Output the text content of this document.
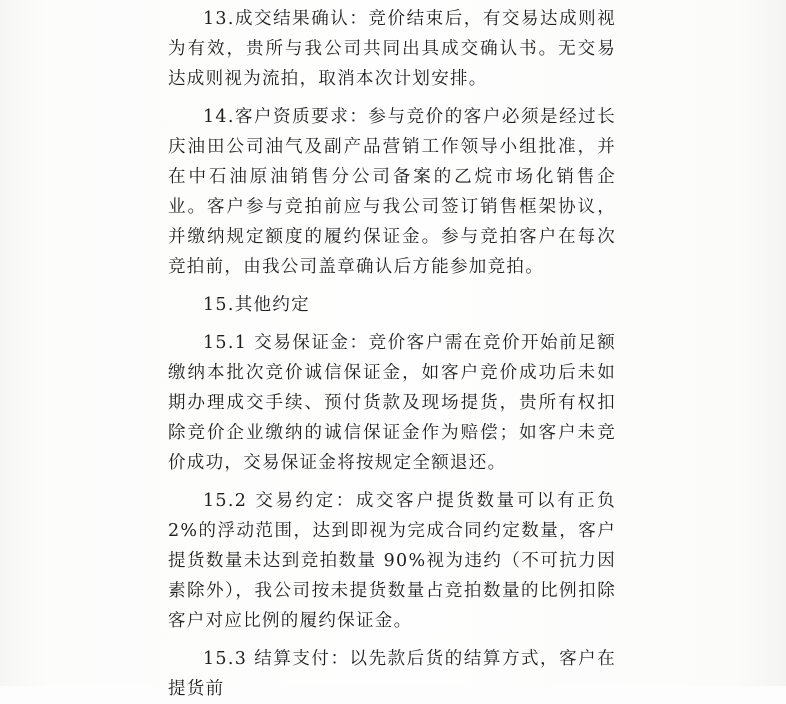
13.成交结果确认：竞价结束后，有交易达成则视为有效，贵所与我公司共同出具成交确认书。无交易达成则视为流拍，取消本次计划安排。

14.客户资质要求：参与竞价的客户必须是经过长庆油田公司油气及副产品营销工作领导小组批准，并在中石油原油销售分公司备案的乙烷市场化销售企业。客户参与竞拍前应与我公司签订销售框架协议，并缴纳规定额度的履约保证金。参与竞拍客户在每次竞拍前，由我公司盖章确认后方能参加竞拍。

15.其他约定

15.1 交易保证金：竞价客户需在竞价开始前足额缴纳本批次竞价诚信保证金，如客户竞价成功后未如期办理成交手续、预付货款及现场提货，贵所有权扣除竞价企业缴纳的诚信保证金作为赔偿；如客户未竞价成功，交易保证金将按规定全额退还。

15.2 交易约定：成交客户提货数量可以有正负 2%的浮动范围，达到即视为完成合同约定数量，客户提货数量未达到竞拍数量 90%视为违约（不可抗力因素除外），我公司按未提货数量占竞拍数量的比例扣除客户对应比例的履约保证金。

15.3 结算支付：以先款后货的结算方式，客户在提货前
